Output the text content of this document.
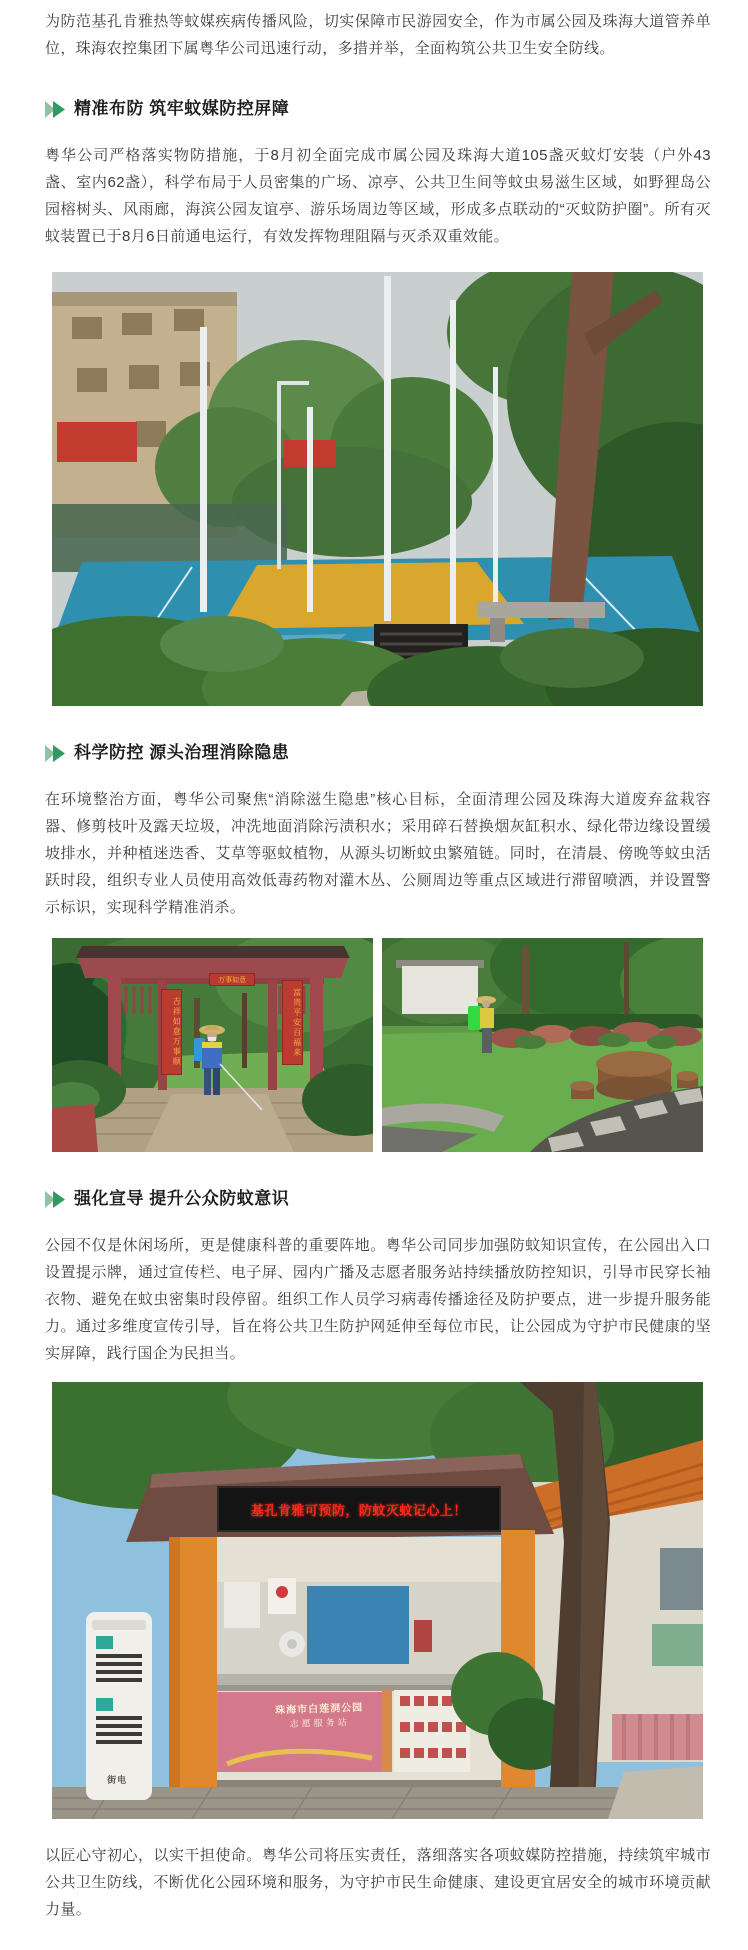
为防范基孔肯雅热等蚊媒疾病传播风险，切实保障市民游园安全，作为市属公园及珠海大道管养单位，珠海农控集团下属粤华公司迅速行动，多措并举，全面构筑公共卫生安全防线。

精准布防 筑牢蚊媒防控屏障

粤华公司严格落实物防措施，于8月初全面完成市属公园及珠海大道105盏灭蚊灯安装（户外43盏、室内62盏），科学布局于人员密集的广场、凉亭、公共卫生间等蚊虫易滋生区域，如野狸岛公园榕树头、风雨廊，海滨公园友谊亭、游乐场周边等区域，形成多点联动的“灭蚊防护圈”。所有灭蚊装置已于8月6日前通电运行，有效发挥物理阻隔与灭杀双重效能。

科学防控 源头治理消除隐患

在环境整治方面，粤华公司聚焦“消除滋生隐患”核心目标，全面清理公园及珠海大道废弃盆栽容器、修剪枝叶及露天垃圾，冲洗地面消除污渍积水；采用碎石替换烟灰缸积水、绿化带边缘设置缓坡排水，并种植迷迭香、艾草等驱蚊植物，从源头切断蚊虫繁殖链。同时，在清晨、傍晚等蚊虫活跃时段，组织专业人员使用高效低毒药物对灌木丛、公厕周边等重点区域进行滞留喷洒，并设置警示标识，实现科学精准消杀。

万事如意
吉祥如意万事顺	富贵平安百福来
强化宣导 提升公众防蚊意识

公园不仅是休闲场所，更是健康科普的重要阵地。粤华公司同步加强防蚊知识宣传，在公园出入口设置提示牌，通过宣传栏、电子屏、园内广播及志愿者服务站持续播放防控知识，引导市民穿长袖衣物、避免在蚊虫密集时段停留。组织工作人员学习病毒传播途径及防护要点，进一步提升服务能力。通过多维度宣传引导，旨在将公共卫生防护网延伸至每位市民，让公园成为守护市民健康的坚实屏障，践行国企为民担当。

基孔肯雅可预防，防蚊灭蚊记心上！
珠海市白莲洞公园
志愿服务站
街电

以匠心守初心，以实干担使命。粤华公司将压实责任，落细落实各项蚊媒防控措施，持续筑牢城市公共卫生防线，不断优化公园环境和服务，为守护市民生命健康、建设更宜居安全的城市环境贡献力量。
